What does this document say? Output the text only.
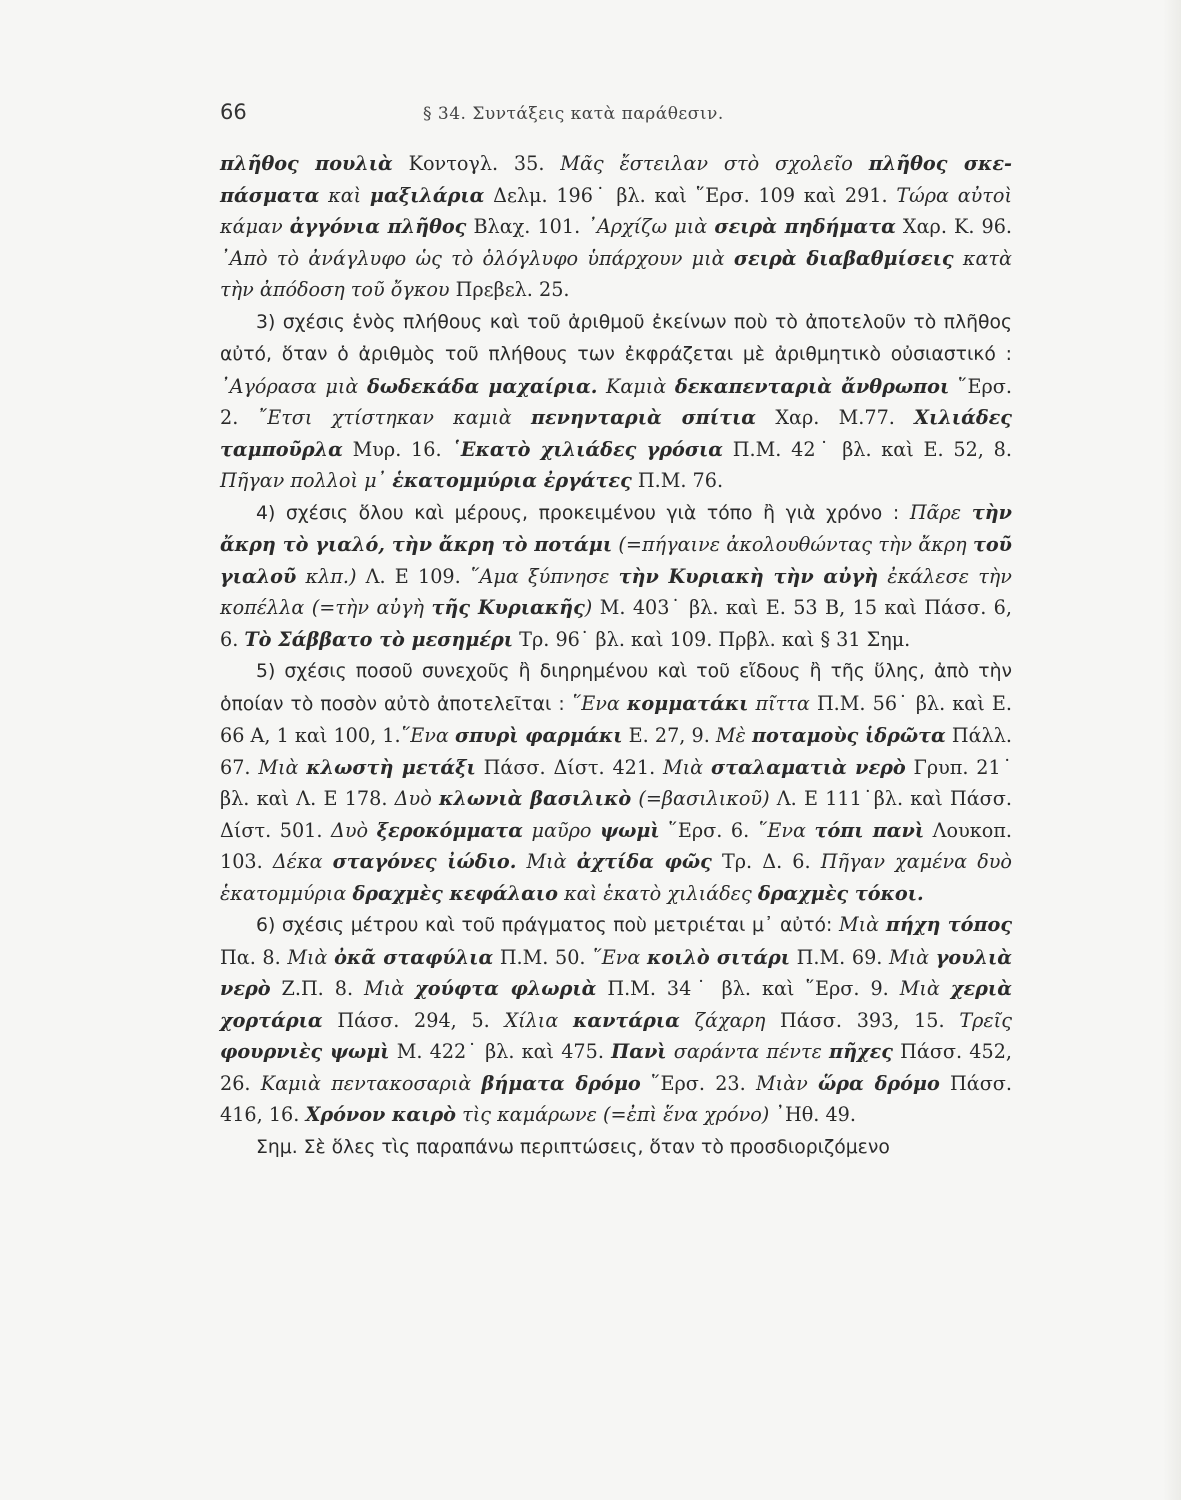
66	§ 34. Συντάξεις κατὰ παράθεσιν.

πλῆθος πουλιὰ Κοντογλ. 35. Μᾶς ἔστειλαν στὸ σχολεῖο πλῆθος σκεπάσματα καὶ μαξιλάρια Δελμ. 196˙ βλ. καὶ ῞Ερσ. 109 καὶ 291. Τώρα αὐτοὶ κάμαν ἀγγόνια πλῆθος Βλαχ. 101. ᾿Αρχίζω μιὰ σειρὰ πηδήματα Χαρ. Κ. 96. ᾿Απὸ τὸ ἀνάγλυφο ὡς τὸ ὁλόγλυφο ὑπάρχουν μιὰ σειρὰ διαβαθμίσεις κατὰ τὴν ἀπόδοση τοῦ ὄγκου Πρεβελ. 25.

3) σχέσις ἑνὸς πλήθους καὶ τοῦ ἀριθμοῦ ἐκείνων ποὺ τὸ ἀποτελοῦν τὸ πλῆθος αὐτό, ὅταν ὁ ἀριθμὸς τοῦ πλήθους των ἐκφράζεται μὲ ἀριθμητικὸ οὐσιαστικό : ᾿Αγόρασα μιὰ δωδεκάδα μαχαίρια. Καμιὰ δεκαπενταριὰ ἄνθρωποι ῞Ερσ. 2. ῎Ετσι χτίστηκαν καμιὰ πενηνταριὰ σπίτια Χαρ. Μ.77. Χιλιάδες ταμποῦρλα Μυρ. 16. ῾Εκατὸ χιλιάδες γρόσια Π.Μ. 42˙ βλ. καὶ Ε. 52, 8. Πῆγαν πολλοὶ μ᾿ ἑκατομμύρια ἐργάτες Π.Μ. 76.

4) σχέσις ὅλου καὶ μέρους, προκειμένου γιὰ τόπο ἢ γιὰ χρόνο : Πᾶρε τὴν ἄκρη τὸ γιαλό, τὴν ἄκρη τὸ ποτάμι (=πήγαινε ἀκολουθώντας τὴν ἄκρη τοῦ γιαλοῦ κλπ.) Λ. Ε 109. ῞Αμα ξύπνησε τὴν Κυριακὴ τὴν αὐγὴ ἐκάλεσε τὴν κοπέλλα (=τὴν αὐγὴ τῆς Κυριακῆς) Μ. 403˙ βλ. καὶ Ε. 53 Β, 15 καὶ Πάσσ. 6, 6. Τὸ Σάββατο τὸ μεσημέρι Τρ. 96˙ βλ. καὶ 109. Πρβλ. καὶ § 31 Σημ.

5) σχέσις ποσοῦ συνεχοῦς ἢ διηρημένου καὶ τοῦ εἴδους ἢ τῆς ὕλης, ἀπὸ τὴν ὁποίαν τὸ ποσὸν αὐτὸ ἀποτελεῖται : ῞Ενα κομματάκι πῖττα Π.Μ. 56˙ βλ. καὶ Ε. 66 Α, 1 καὶ 100, 1.῞Ενα σπυρὶ φαρμάκι Ε. 27, 9. Μὲ ποταμοὺς ἱδρῶτα Πάλλ. 67. Μιὰ κλωστὴ μετάξι Πάσσ. Δίστ. 421. Μιὰ σταλαματιὰ νερὸ Γρυπ. 21˙ βλ. καὶ Λ. Ε 178. Δυὸ κλωνιὰ βασιλικὸ (=βασιλικοῦ) Λ. Ε 111˙βλ. καὶ Πάσσ. Δίστ. 501. Δυὸ ξεροκόμματα μαῦρο ψωμὶ ῞Ερσ. 6. ῞Ενα τόπι πανὶ Λουκοπ. 103. Δέκα σταγόνες ἰώδιο. Μιὰ ἀχτίδα φῶς Τρ. Δ. 6. Πῆγαν χαμένα δυὸ ἑκατομμύρια δραχμὲς κεφάλαιο καὶ ἑκατὸ χιλιάδες δραχμὲς τόκοι.

6) σχέσις μέτρου καὶ τοῦ πράγματος ποὺ μετριέται μ᾿ αὐτό: Μιὰ πήχη τόπος Πα. 8. Μιὰ ὀκᾶ σταφύλια Π.Μ. 50. ῞Ενα κοιλὸ σιτάρι Π.Μ. 69. Μιὰ γουλιὰ νερὸ Ζ.Π. 8. Μιὰ χούφτα φλωριὰ Π.Μ. 34˙ βλ. καὶ ῞Ερσ. 9. Μιὰ χεριὰ χορτάρια Πάσσ. 294, 5. Χίλια καντάρια ζάχαρη Πάσσ. 393, 15. Τρεῖς φουρνιὲς ψωμὶ Μ. 422˙ βλ. καὶ 475. Πανὶ σαράντα πέντε πῆχες Πάσσ. 452, 26. Καμιὰ πεντακοσαριὰ βήματα δρόμο ῞Ερσ. 23. Μιὰν ὥρα δρόμο Πάσσ. 416, 16. Χρόνον καιρὸ τὶς καμάρωνε (=ἐπὶ ἕνα χρόνο) ᾿Ηθ. 49.

Σημ. Σὲ ὅλες τὶς παραπάνω περιπτώσεις, ὅταν τὸ προσδιοριζόμενο
